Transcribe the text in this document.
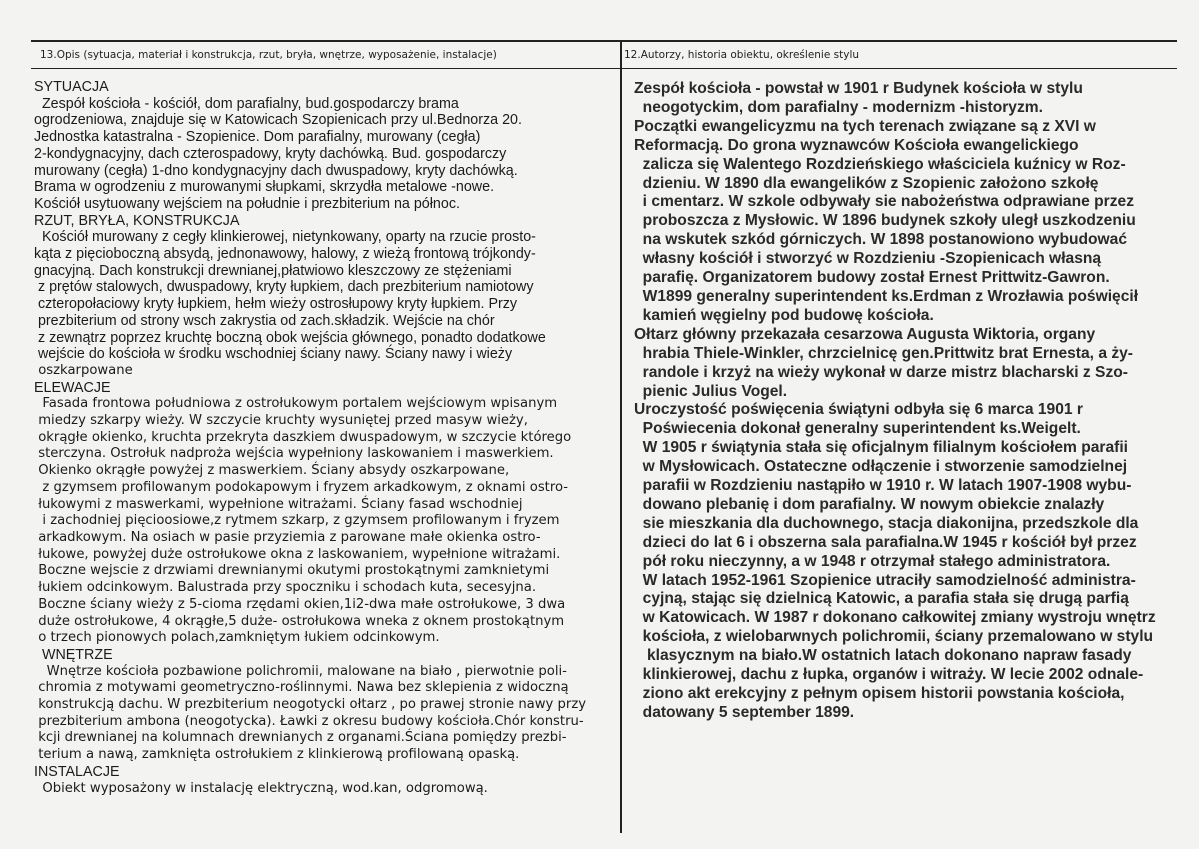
13.Opis (sytuacja, materiał i konstrukcja, rzut, bryła, wnętrze, wyposażenie, instalacje)	12.Autorzy, historia obiektu, określenie stylu
SYTUACJA
Zespół kościoła - kościół, dom parafialny, bud.gospodarczy brama
ogrodzeniowa, znajduje się w Katowicach Szopienicach przy ul.Bednorza 20.
Jednostka katastralna - Szopienice. Dom parafialny, murowany (cegła)
2-kondygnacyjny, dach czterospadowy, kryty dachówką. Bud. gospodarczy
murowany (cegła) 1-dno kondygnacyjny dach dwuspadowy, kryty dachówką.
Brama w ogrodzeniu z murowanymi słupkami, skrzydła metalowe -nowe.
Kościół usytuowany wejściem na południe i prezbiterium na północ.
RZUT, BRYŁA, KONSTRUKCJA
Kościół murowany z cegły klinkierowej, nietynkowany, oparty na rzucie prosto-
kąta z pięcioboczną absydą, jednonawowy, halowy, z wieżą frontową trójkondy-
gnacyjną. Dach konstrukcji drewnianej,płatwiowo kleszczowy ze stężeniami
z prętów stalowych, dwuspadowy, kryty łupkiem, dach prezbiterium namiotowy
czteropołaciowy kryty łupkiem, hełm wieży ostrosłupowy kryty łupkiem. Przy
prezbiterium od strony wsch zakrystia od zach.składzik. Wejście na chór
z zewnątrz poprzez kruchtę boczną obok wejścia głównego, ponadto dodatkowe
wejście do kościoła w środku wschodniej ściany nawy. Ściany nawy i wieży
oszkarpowane
ELEWACJE
Fasada frontowa południowa z ostrołukowym portalem wejściowym wpisanym
miedzy szkarpy wieży. W szczycie kruchty wysuniętej przed masyw wieży,
okrągłe okienko, kruchta przekryta daszkiem dwuspadowym, w szczycie którego
sterczyna. Ostrołuk nadproża wejścia wypełniony laskowaniem i maswerkiem.
Okienko okrągłe powyżej z maswerkiem. Ściany absydy oszkarpowane,
z gzymsem profilowanym podokapowym i fryzem arkadkowym, z oknami ostro-
łukowymi z maswerkami, wypełnione witrażami. Ściany fasad wschodniej
i zachodniej pięcioosiowe,z rytmem szkarp, z gzymsem profilowanym i fryzem
arkadkowym. Na osiach w pasie przyziemia z parowane małe okienka ostro-
łukowe, powyżej duże ostrołukowe okna z laskowaniem, wypełnione witrażami.
Boczne wejscie z drzwiami drewnianymi okutymi prostokątnymi zamknietymi
łukiem odcinkowym. Balustrada przy spoczniku i schodach kuta, secesyjna.
Boczne ściany wieży z 5-cioma rzędami okien,1i2-dwa małe ostrołukowe, 3 dwa
duże ostrołukowe, 4 okrągłe,5 duże- ostrołukowa wneka z oknem prostokątnym
o trzech pionowych polach,zamkniętym łukiem odcinkowym.
WNĘTRZE
Wnętrze kościoła pozbawione polichromii, malowane na biało , pierwotnie poli-
chromia z motywami geometryczno-roślinnymi. Nawa bez sklepienia z widoczną
konstrukcją dachu. W prezbiterium neogotycki ołtarz , po prawej stronie nawy przy
prezbiterium ambona (neogotycka). Ławki z okresu budowy kościoła.Chór konstru-
kcji drewnianej na kolumnach drewnianych z organami.Ściana pomiędzy prezbi-
terium a nawą, zamknięta ostrołukiem z klinkierową profilowaną opaską.
INSTALACJE
Obiekt wyposażony w instalację elektryczną, wod.kan, odgromową.
Zespół kościoła - powstał w 1901 r Budynek kościoła w stylu
neogotyckim, dom parafialny - modernizm -historyzm.
Początki ewangelicyzmu na tych terenach związane są z XVI w
Reformacją. Do grona wyznawców Kościoła ewangelickiego
zalicza się Walentego Rozdzieńskiego właściciela kuźnicy w Roz-
dzieniu. W 1890 dla ewangelików z Szopienic założono szkołę
i cmentarz. W szkole odbywały sie nabożeństwa odprawiane przez
proboszcza z Mysłowic. W 1896 budynek szkoły uległ uszkodzeniu
na wskutek szkód górniczych. W 1898 postanowiono wybudować
własny kościół i stworzyć w Rozdzieniu -Szopienicach własną
parafię. Organizatorem budowy został Ernest Prittwitz-Gawron.
W1899 generalny superintendent ks.Erdman z Wrozławia poświęcił
kamień węgielny pod budowę kościoła.
Ołtarz główny przekazała cesarzowa Augusta Wiktoria, organy
hrabia Thiele-Winkler, chrzcielnicę gen.Prittwitz brat Ernesta, a ży-
randole i krzyż na wieży wykonał w darze mistrz blacharski z Szo-
pienic Julius Vogel.
Uroczystość poświęcenia świątyni odbyła się 6 marca 1901 r
Poświecenia dokonał generalny superintendent ks.Weigelt.
W 1905 r świątynia stała się oficjalnym filialnym kościołem parafii
w Mysłowicach. Ostateczne odłączenie i stworzenie samodzielnej
parafii w Rozdzieniu nastąpiło w 1910 r. W latach 1907-1908 wybu-
dowano plebanię i dom parafialny. W nowym obiekcie znalazły
sie mieszkania dla duchownego, stacja diakonijna, przedszkole dla
dzieci do lat 6 i obszerna sala parafialna.W 1945 r kościół był przez
pół roku nieczynny, a w 1948 r otrzymał stałego administratora.
W latach 1952-1961 Szopienice utraciły samodzielność administra-
cyjną, stając się dzielnicą Katowic, a parafia stała się drugą parfią
w Katowicach. W 1987 r dokonano całkowitej zmiany wystroju wnętrz
kościoła, z wielobarwnych polichromii, ściany przemalowano w stylu
klasycznym na biało.W ostatnich latach dokonano napraw fasady
klinkierowej, dachu z łupka, organów i witraży. W lecie 2002 odnale-
ziono akt erekcyjny z pełnym opisem historii powstania kościoła,
datowany 5 september 1899.
